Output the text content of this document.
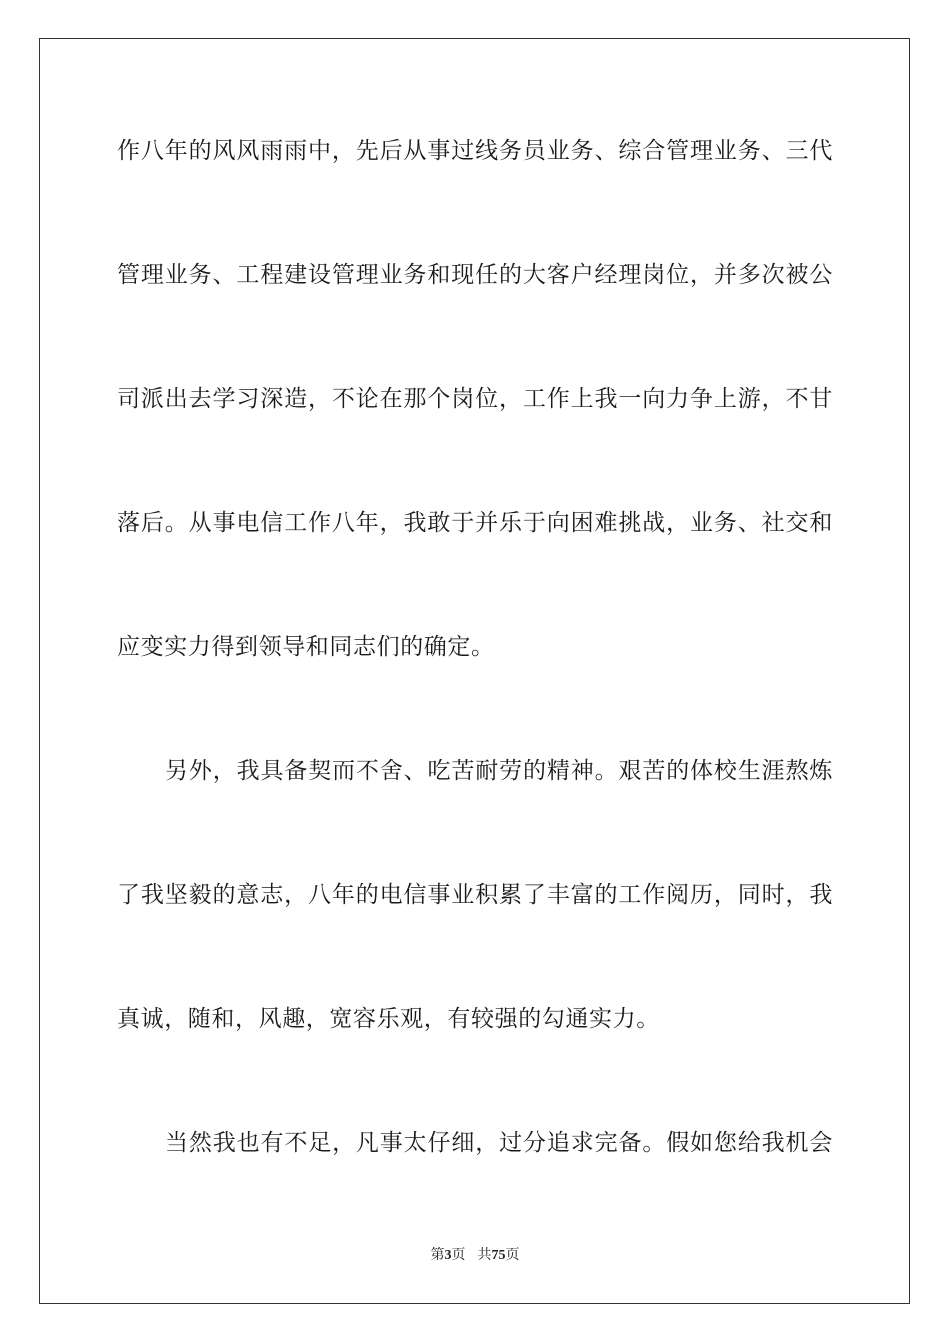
作八年的风风雨雨中，先后从事过线务员业务、综合管理业务、三代
管理业务、工程建设管理业务和现任的大客户经理岗位，并多次被公
司派出去学习深造，不论在那个岗位，工作上我一向力争上游，不甘
落后。从事电信工作八年，我敢于并乐于向困难挑战，业务、社交和
应变实力得到领导和同志们的确定。
另外，我具备契而不舍、吃苦耐劳的精神。艰苦的体校生涯熬炼
了我坚毅的意志，八年的电信事业积累了丰富的工作阅历，同时，我
真诚，随和，风趣，宽容乐观，有较强的勾通实力。
当然我也有不足，凡事太仔细，过分追求完备。假如您给我机会
第3页 共75页
